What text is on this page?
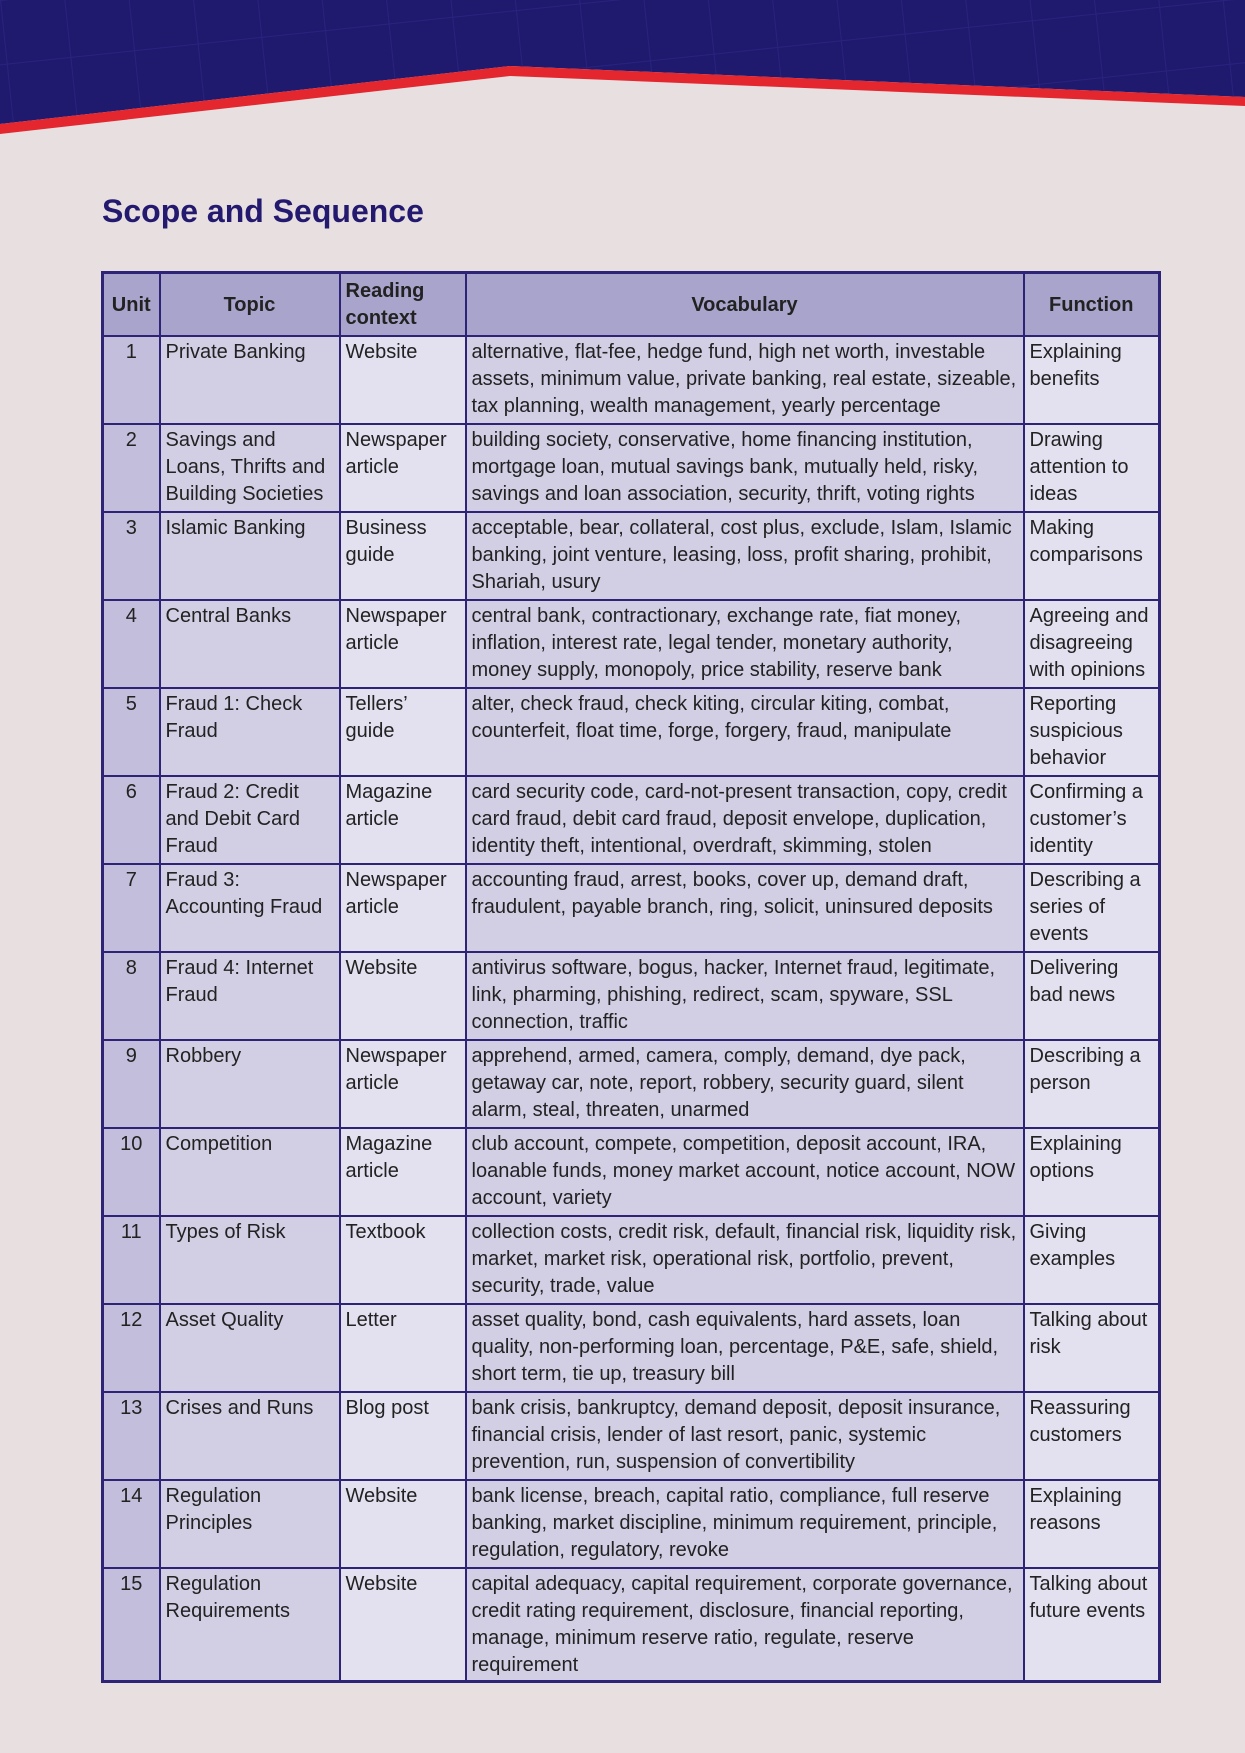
Scope and Sequence
Unit	Topic	Reading context	Vocabulary	Function
1	Private Banking	Website	alternative, flat-fee, hedge fund, high net worth, investable assets, minimum value, private banking, real estate, sizeable, tax planning, wealth management, yearly percentage	Explaining benefits
2	Savings and Loans, Thrifts and Building Societies	Newspaper article	building society, conservative, home financing institution, mortgage loan, mutual savings bank, mutually held, risky, savings and loan association, security, thrift, voting rights	Drawing attention to ideas
3	Islamic Banking	Business guide	acceptable, bear, collateral, cost plus, exclude, Islam, Islamic banking, joint venture, leasing, loss, profit sharing, prohibit, Shariah, usury	Making comparisons
4	Central Banks	Newspaper article	central bank, contractionary, exchange rate, fiat money, inflation, interest rate, legal tender, monetary authority, money supply, monopoly, price stability, reserve bank	Agreeing and disagreeing with opinions
5	Fraud 1: Check Fraud	Tellers’ guide	alter, check fraud, check kiting, circular kiting, combat, counterfeit, float time, forge, forgery, fraud, manipulate	Reporting suspicious behavior
6	Fraud 2: Credit and Debit Card Fraud	Magazine article	card security code, card-not-present transaction, copy, credit card fraud, debit card fraud, deposit envelope, duplication, identity theft, intentional, overdraft, skimming, stolen	Confirming a customer’s identity
7	Fraud 3: Accounting Fraud	Newspaper article	accounting fraud, arrest, books, cover up, demand draft, fraudulent, payable branch, ring, solicit, uninsured deposits	Describing a series of events
8	Fraud 4: Internet Fraud	Website	antivirus software, bogus, hacker, Internet fraud, legitimate, link, pharming, phishing, redirect, scam, spyware, SSL connection, traffic	Delivering bad news
9	Robbery	Newspaper article	apprehend, armed, camera, comply, demand, dye pack, getaway car, note, report, robbery, security guard, silent alarm, steal, threaten, unarmed	Describing a person
10	Competition	Magazine article	club account, compete, competition, deposit account, IRA, loanable funds, money market account, notice account, NOW account, variety	Explaining options
11	Types of Risk	Textbook	collection costs, credit risk, default, financial risk, liquidity risk, market, market risk, operational risk, portfolio, prevent, security, trade, value	Giving examples
12	Asset Quality	Letter	asset quality, bond, cash equivalents, hard assets, loan quality, non-performing loan, percentage, P&E, safe, shield, short term, tie up, treasury bill	Talking about risk
13	Crises and Runs	Blog post	bank crisis, bankruptcy, demand deposit, deposit insurance, financial crisis, lender of last resort, panic, systemic prevention, run, suspension of convertibility	Reassuring customers
14	Regulation Principles	Website	bank license, breach, capital ratio, compliance, full reserve banking, market discipline, minimum requirement, principle, regulation, regulatory, revoke	Explaining reasons
15	Regulation Requirements	Website	capital adequacy, capital requirement, corporate governance, credit rating requirement, disclosure, financial reporting, manage, minimum reserve ratio, regulate, reserve requirement	Talking about future events
